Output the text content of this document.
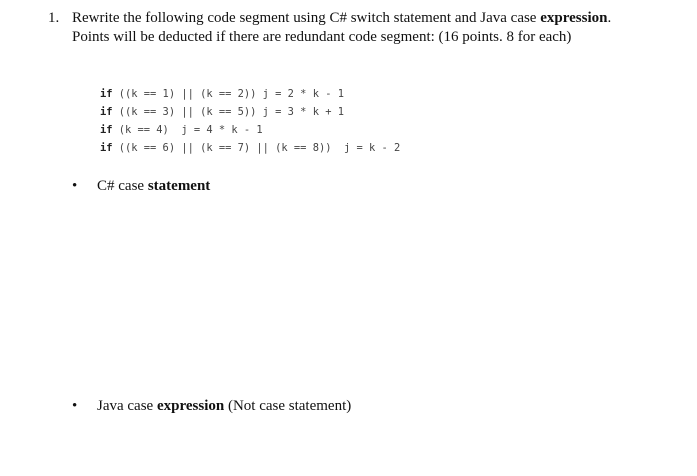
1. Rewrite the following code segment using C# switch statement and Java case expression. Points will be deducted if there are redundant code segment: (16 points. 8 for each)
if ((k == 1) || (k == 2)) j = 2 * k - 1
if ((k == 3) || (k == 5)) j = 3 * k + 1
if (k == 4)  j = 4 * k - 1
if ((k == 6) || (k == 7) || (k == 8))  j = k - 2
• C# case statement
• Java case expression (Not case statement)
